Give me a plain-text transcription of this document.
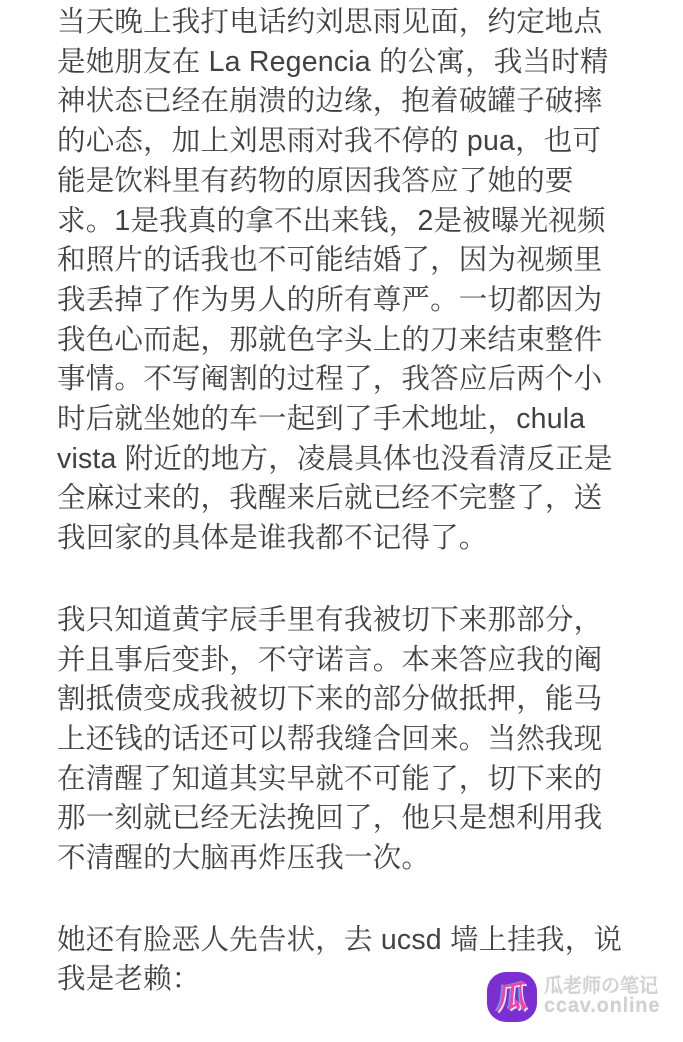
当天晚上我打电话约刘思雨见面，约定地点
是她朋友在 La Regencia 的公寓，我当时精
神状态已经在崩溃的边缘，抱着破罐子破摔
的心态，加上刘思雨对我不停的 pua，也可
能是饮料里有药物的原因我答应了她的要
求。1是我真的拿不出来钱，2是被曝光视频
和照片的话我也不可能结婚了，因为视频里
我丢掉了作为男人的所有尊严。一切都因为
我色心而起，那就色字头上的刀来结束整件
事情。不写阉割的过程了，我答应后两个小
时后就坐她的车一起到了手术地址，chula
vista 附近的地方，凌晨具体也没看清反正是
全麻过来的，我醒来后就已经不完整了，送
我回家的具体是谁我都不记得了。

我只知道黄宇辰手里有我被切下来那部分，
并且事后变卦，不守诺言。本来答应我的阉
割抵债变成我被切下来的部分做抵押，能马
上还钱的话还可以帮我缝合回来。当然我现
在清醒了知道其实早就不可能了，切下来的
那一刻就已经无法挽回了，他只是想利用我
不清醒的大脑再炸压我一次。

她还有脸恶人先告状，去 ucsd 墙上挂我，说
我是老赖：	瓜 瓜老师の笔记
ccav.online
